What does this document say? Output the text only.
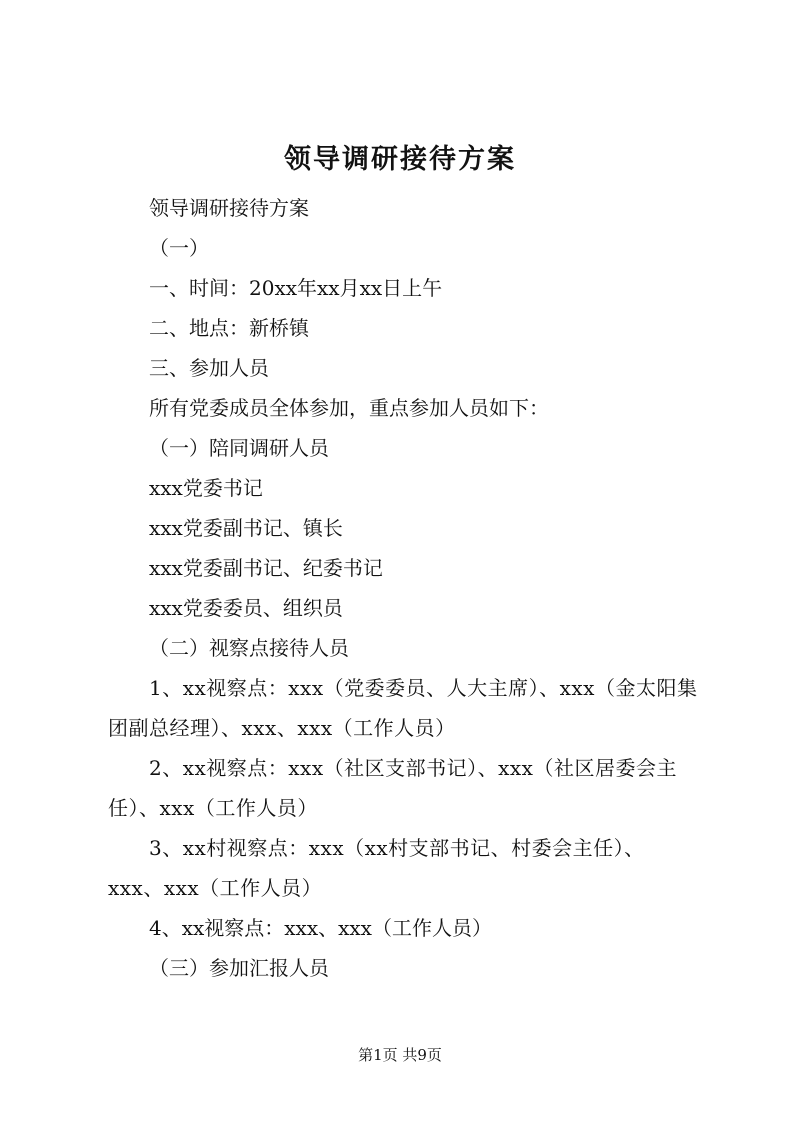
领导调研接待方案

领导调研接待方案

（一）

一、时间：20xx年xx月xx日上午

二、地点：新桥镇

三、参加人员

所有党委成员全体参加，重点参加人员如下：

（一）陪同调研人员

xxx党委书记

xxx党委副书记、镇长

xxx党委副书记、纪委书记

xxx党委委员、组织员

（二）视察点接待人员

1、xx视察点：xxx（党委委员、人大主席）、xxx（金太阳集团副总经理）、xxx、xxx（工作人员）

2、xx视察点：xxx（社区支部书记）、xxx（社区居委会主任）、xxx（工作人员）

3、xx村视察点：xxx（xx村支部书记、村委会主任）、xxx、xxx（工作人员）

4、xx视察点：xxx、xxx（工作人员）

（三）参加汇报人员

第1页 共9页
